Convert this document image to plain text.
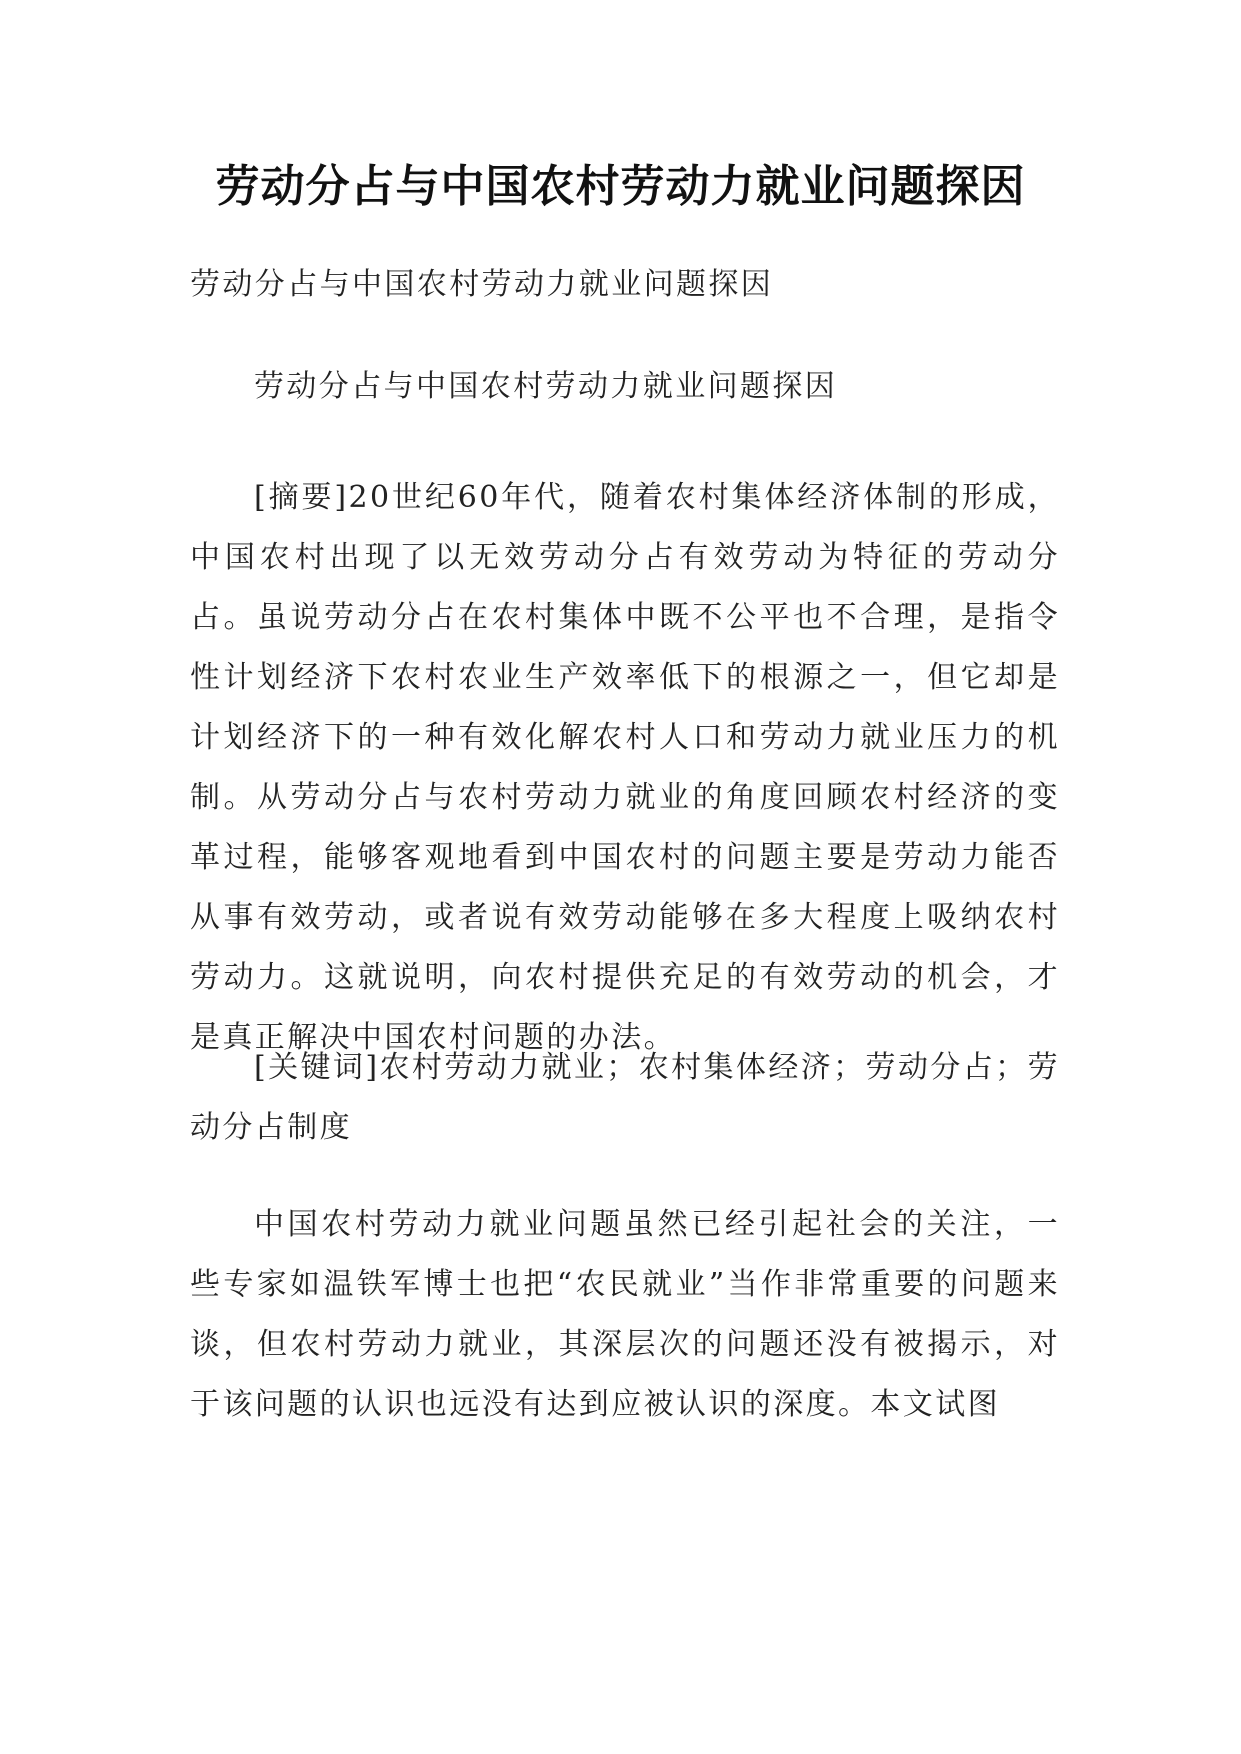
劳动分占与中国农村劳动力就业问题探因
劳动分占与中国农村劳动力就业问题探因
劳动分占与中国农村劳动力就业问题探因
[摘要]20世纪60年代，随着农村集体经济体制的形成，中国农村出现了以无效劳动分占有效劳动为特征的劳动分占。虽说劳动分占在农村集体中既不公平也不合理，是指令性计划经济下农村农业生产效率低下的根源之一，但它却是计划经济下的一种有效化解农村人口和劳动力就业压力的机制。从劳动分占与农村劳动力就业的角度回顾农村经济的变革过程，能够客观地看到中国农村的问题主要是劳动力能否从事有效劳动，或者说有效劳动能够在多大程度上吸纳农村劳动力。这就说明，向农村提供充足的有效劳动的机会，才是真正解决中国农村问题的办法。
[关键词]农村劳动力就业；农村集体经济；劳动分占；劳动分占制度
中国农村劳动力就业问题虽然已经引起社会的关注，一些专家如温铁军博士也把“农民就业”当作非常重要的问题来谈，但农村劳动力就业，其深层次的问题还没有被揭示，对于该问题的认识也远没有达到应被认识的深度。本文试图
